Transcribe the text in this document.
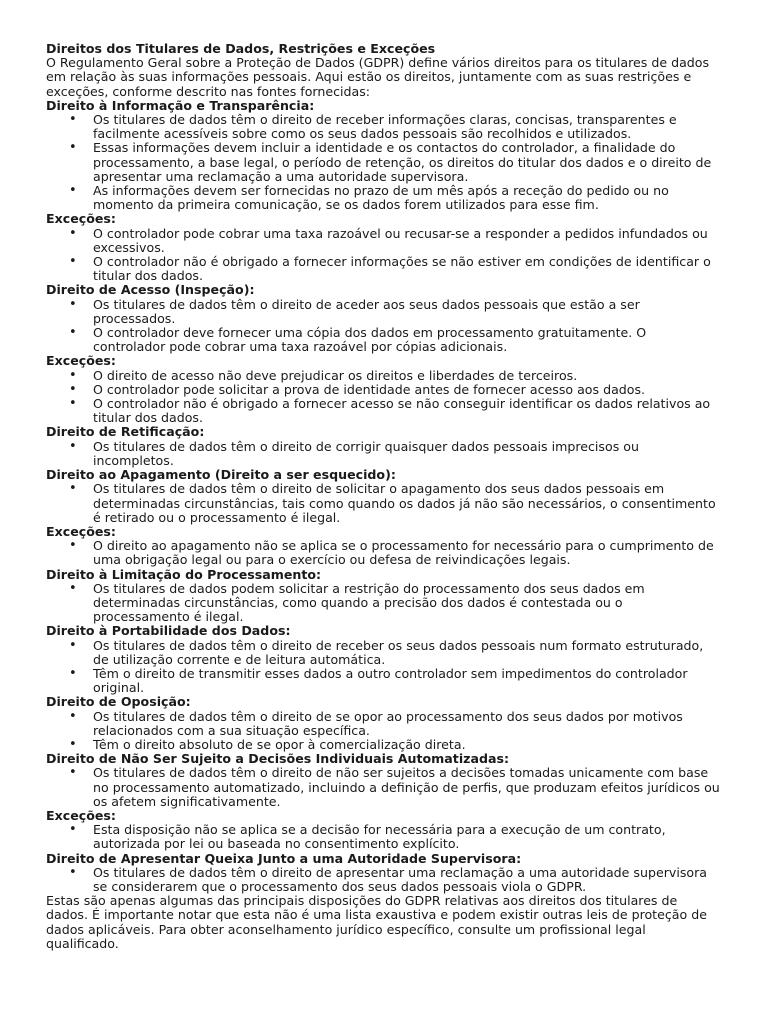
Direitos dos Titulares de Dados, Restrições e Exceções

O Regulamento Geral sobre a Proteção de Dados (GDPR) define vários direitos para os titulares de dados em relação às suas informações pessoais. Aqui estão os direitos, juntamente com as suas restrições e exceções, conforme descrito nas fontes fornecidas:

Direito à Informação e Transparência:

• Os titulares de dados têm o direito de receber informações claras, concisas, transparentes e facilmente acessíveis sobre como os seus dados pessoais são recolhidos e utilizados.
• Essas informações devem incluir a identidade e os contactos do controlador, a finalidade do processamento, a base legal, o período de retenção, os direitos do titular dos dados e o direito de apresentar uma reclamação a uma autoridade supervisora.
• As informações devem ser fornecidas no prazo de um mês após a receção do pedido ou no momento da primeira comunicação, se os dados forem utilizados para esse fim.

Exceções:

• O controlador pode cobrar uma taxa razoável ou recusar-se a responder a pedidos infundados ou excessivos.
• O controlador não é obrigado a fornecer informações se não estiver em condições de identificar o titular dos dados.

Direito de Acesso (Inspeção):

• Os titulares de dados têm o direito de aceder aos seus dados pessoais que estão a ser processados.
• O controlador deve fornecer uma cópia dos dados em processamento gratuitamente. O controlador pode cobrar uma taxa razoável por cópias adicionais.

Exceções:

• O direito de acesso não deve prejudicar os direitos e liberdades de terceiros.
• O controlador pode solicitar a prova de identidade antes de fornecer acesso aos dados.
• O controlador não é obrigado a fornecer acesso se não conseguir identificar os dados relativos ao titular dos dados.

Direito de Retificação:

• Os titulares de dados têm o direito de corrigir quaisquer dados pessoais imprecisos ou incompletos.

Direito ao Apagamento (Direito a ser esquecido):

• Os titulares de dados têm o direito de solicitar o apagamento dos seus dados pessoais em determinadas circunstâncias, tais como quando os dados já não são necessários, o consentimento é retirado ou o processamento é ilegal.

Exceções:

• O direito ao apagamento não se aplica se o processamento for necessário para o cumprimento de uma obrigação legal ou para o exercício ou defesa de reivindicações legais.

Direito à Limitação do Processamento:

• Os titulares de dados podem solicitar a restrição do processamento dos seus dados em determinadas circunstâncias, como quando a precisão dos dados é contestada ou o processamento é ilegal.

Direito à Portabilidade dos Dados:

• Os titulares de dados têm o direito de receber os seus dados pessoais num formato estruturado, de utilização corrente e de leitura automática.
• Têm o direito de transmitir esses dados a outro controlador sem impedimentos do controlador original.

Direito de Oposição:

• Os titulares de dados têm o direito de se opor ao processamento dos seus dados por motivos relacionados com a sua situação específica.
• Têm o direito absoluto de se opor à comercialização direta.

Direito de Não Ser Sujeito a Decisões Individuais Automatizadas:

• Os titulares de dados têm o direito de não ser sujeitos a decisões tomadas unicamente com base no processamento automatizado, incluindo a definição de perfis, que produzam efeitos jurídicos ou os afetem significativamente.

Exceções:

• Esta disposição não se aplica se a decisão for necessária para a execução de um contrato, autorizada por lei ou baseada no consentimento explícito.

Direito de Apresentar Queixa Junto a uma Autoridade Supervisora:

• Os titulares de dados têm o direito de apresentar uma reclamação a uma autoridade supervisora se considerarem que o processamento dos seus dados pessoais viola o GDPR.

Estas são apenas algumas das principais disposições do GDPR relativas aos direitos dos titulares de dados. É importante notar que esta não é uma lista exaustiva e podem existir outras leis de proteção de dados aplicáveis. Para obter aconselhamento jurídico específico, consulte um profissional legal qualificado.
